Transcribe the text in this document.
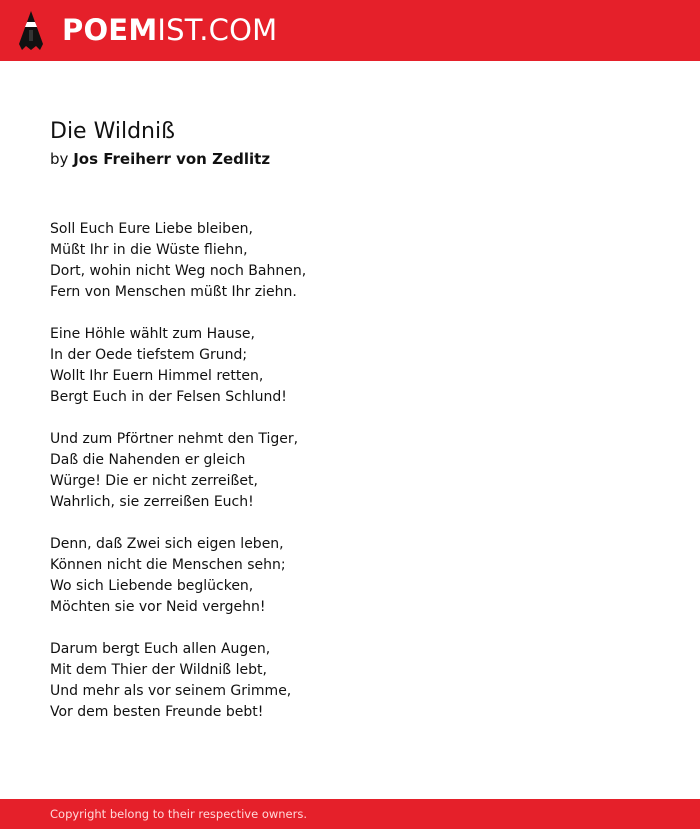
POEMIST.COM
Die Wildniß
by Jos Freiherr von Zedlitz
Soll Euch Eure Liebe bleiben,
Müßt Ihr in die Wüste fliehn,
Dort, wohin nicht Weg noch Bahnen,
Fern von Menschen müßt Ihr ziehn.
Eine Höhle wählt zum Hause,
In der Oede tiefstem Grund;
Wollt Ihr Euern Himmel retten,
Bergt Euch in der Felsen Schlund!
Und zum Pförtner nehmt den Tiger,
Daß die Nahenden er gleich
Würge! Die er nicht zerreißet,
Wahrlich, sie zerreißen Euch!
Denn, daß Zwei sich eigen leben,
Können nicht die Menschen sehn;
Wo sich Liebende beglücken,
Möchten sie vor Neid vergehn!
Darum bergt Euch allen Augen,
Mit dem Thier der Wildniß lebt,
Und mehr als vor seinem Grimme,
Vor dem besten Freunde bebt!
Copyright belong to their respective owners.
